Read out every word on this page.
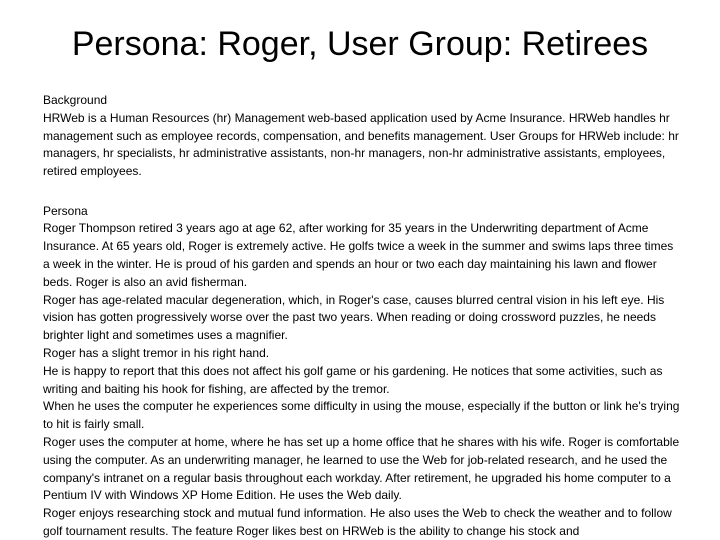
Persona: Roger, User Group: Retirees

Background

HRWeb is a Human Resources (hr) Management web-based application used by Acme Insurance. HRWeb handles hr management such as employee records, compensation, and benefits management. User Groups for HRWeb include: hr managers, hr specialists, hr administrative assistants, non-hr managers, non-hr administrative assistants, employees, retired employees.

Persona

Roger Thompson retired 3 years ago at age 62, after working for 35 years in the Underwriting department of Acme Insurance. At 65 years old, Roger is extremely active. He golfs twice a week in the summer and swims laps three times a week in the winter. He is proud of his garden and spends an hour or two each day maintaining his lawn and flower beds. Roger is also an avid fisherman.

Roger has age-related macular degeneration, which, in Roger's case, causes blurred central vision in his left eye. His vision has gotten progressively worse over the past two years. When reading or doing crossword puzzles, he needs brighter light and sometimes uses a magnifier.

Roger has a slight tremor in his right hand.

He is happy to report that this does not affect his golf game or his gardening. He notices that some activities, such as writing and baiting his hook for fishing, are affected by the tremor.

When he uses the computer he experiences some difficulty in using the mouse, especially if the button or link he's trying to hit is fairly small.

Roger uses the computer at home, where he has set up a home office that he shares with his wife. Roger is comfortable using the computer. As an underwriting manager, he learned to use the Web for job-related research, and he used the company's intranet on a regular basis throughout each workday. After retirement, he upgraded his home computer to a Pentium IV with Windows XP Home Edition. He uses the Web daily.

Roger enjoys researching stock and mutual fund information. He also uses the Web to check the weather and to follow golf tournament results. The feature Roger likes best on HRWeb is the ability to change his stock and
